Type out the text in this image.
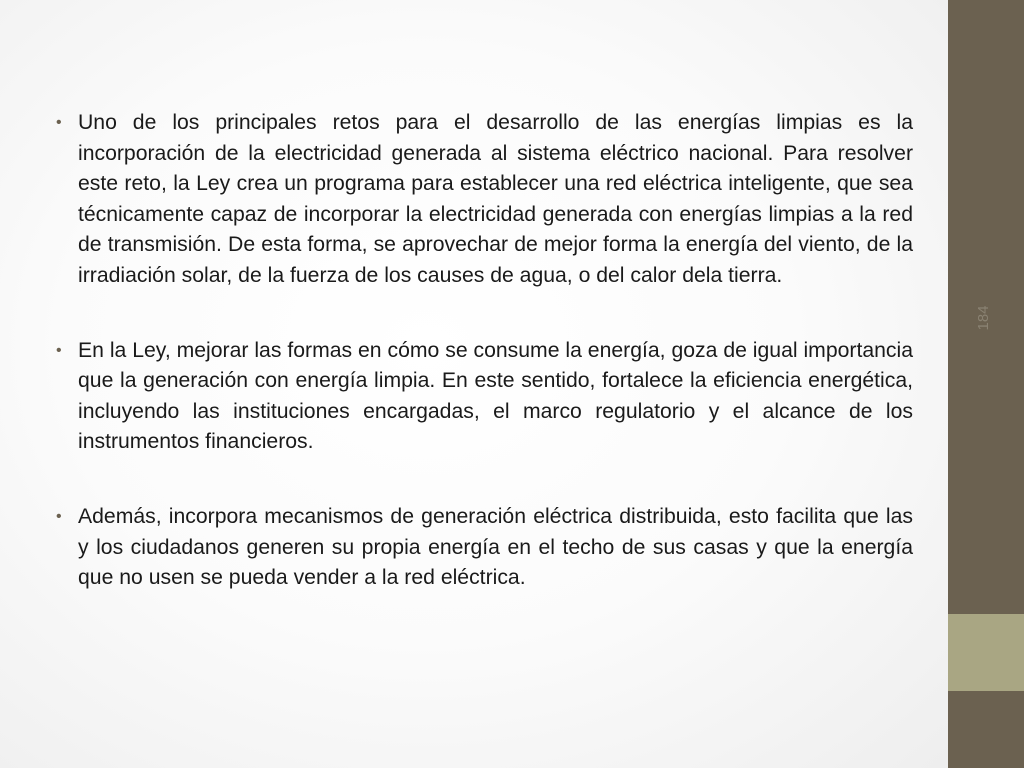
• Uno de los principales retos para el desarrollo de las energías limpias es la incorporación de la electricidad generada al sistema eléctrico nacional. Para resolver este reto, la Ley crea un programa para establecer una red eléctrica inteligente, que sea técnicamente capaz de incorporar la electricidad generada con energías limpias a la red de transmisión. De esta forma, se aprovechar de mejor forma la energía del viento, de la irradiación solar, de la fuerza de los causes de agua, o del calor dela tierra.

• En la Ley, mejorar las formas en cómo se consume la energía, goza de igual importancia que la generación con energía limpia. En este sentido, fortalece la eficiencia energética, incluyendo las instituciones encargadas, el marco regulatorio y el alcance de los instrumentos financieros.

• Además, incorpora mecanismos de generación eléctrica distribuida, esto facilita que las y los ciudadanos generen su propia energía en el techo de sus casas y que la energía que no usen se pueda vender a la red eléctrica.

184
